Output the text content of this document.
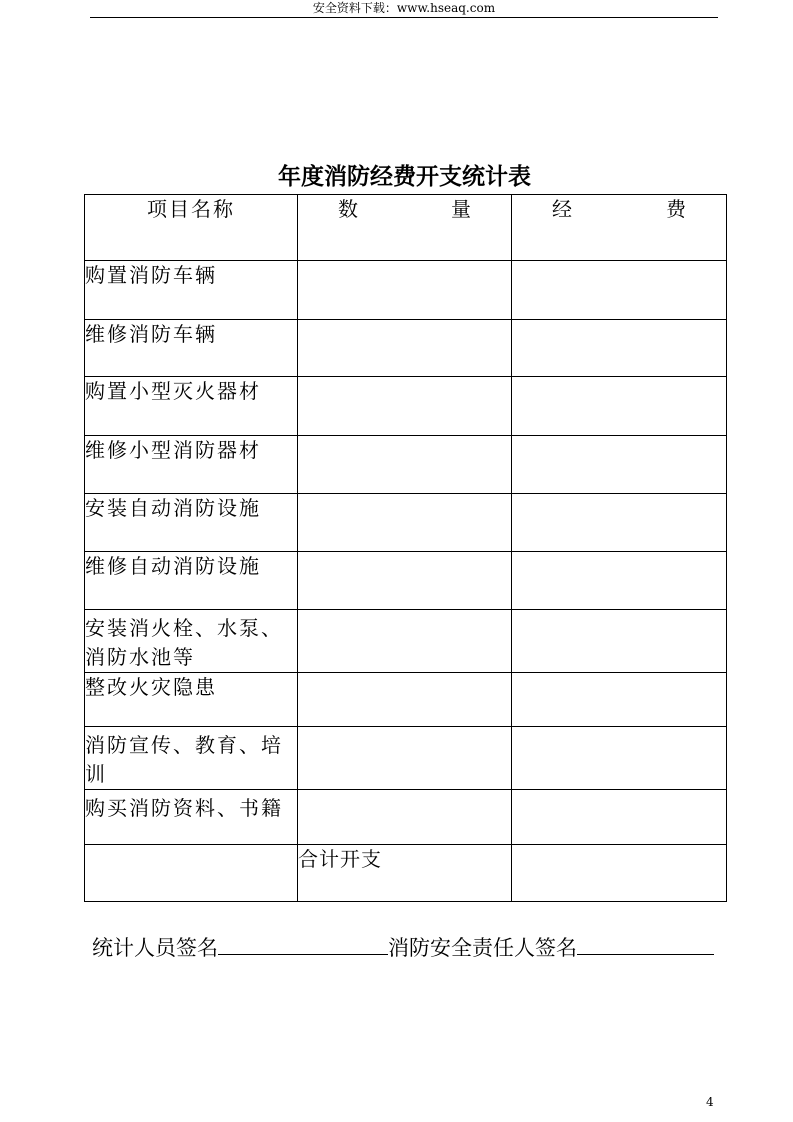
安全资料下载：www.hseaq.com
年度消防经费开支统计表
项目名称	数 量	经 费

购置消防车辆		
维修消防车辆		
购置小型灭火器材		
维修小型消防器材		
安装自动消防设施		
维修自动消防设施		
安装消火栓、水泵、消防水池等		
整改火灾隐患		
消防宣传、教育、培训		
购买消防资料、书籍		
	合计开支	
统计人员签名	消防安全责任人签名
4
